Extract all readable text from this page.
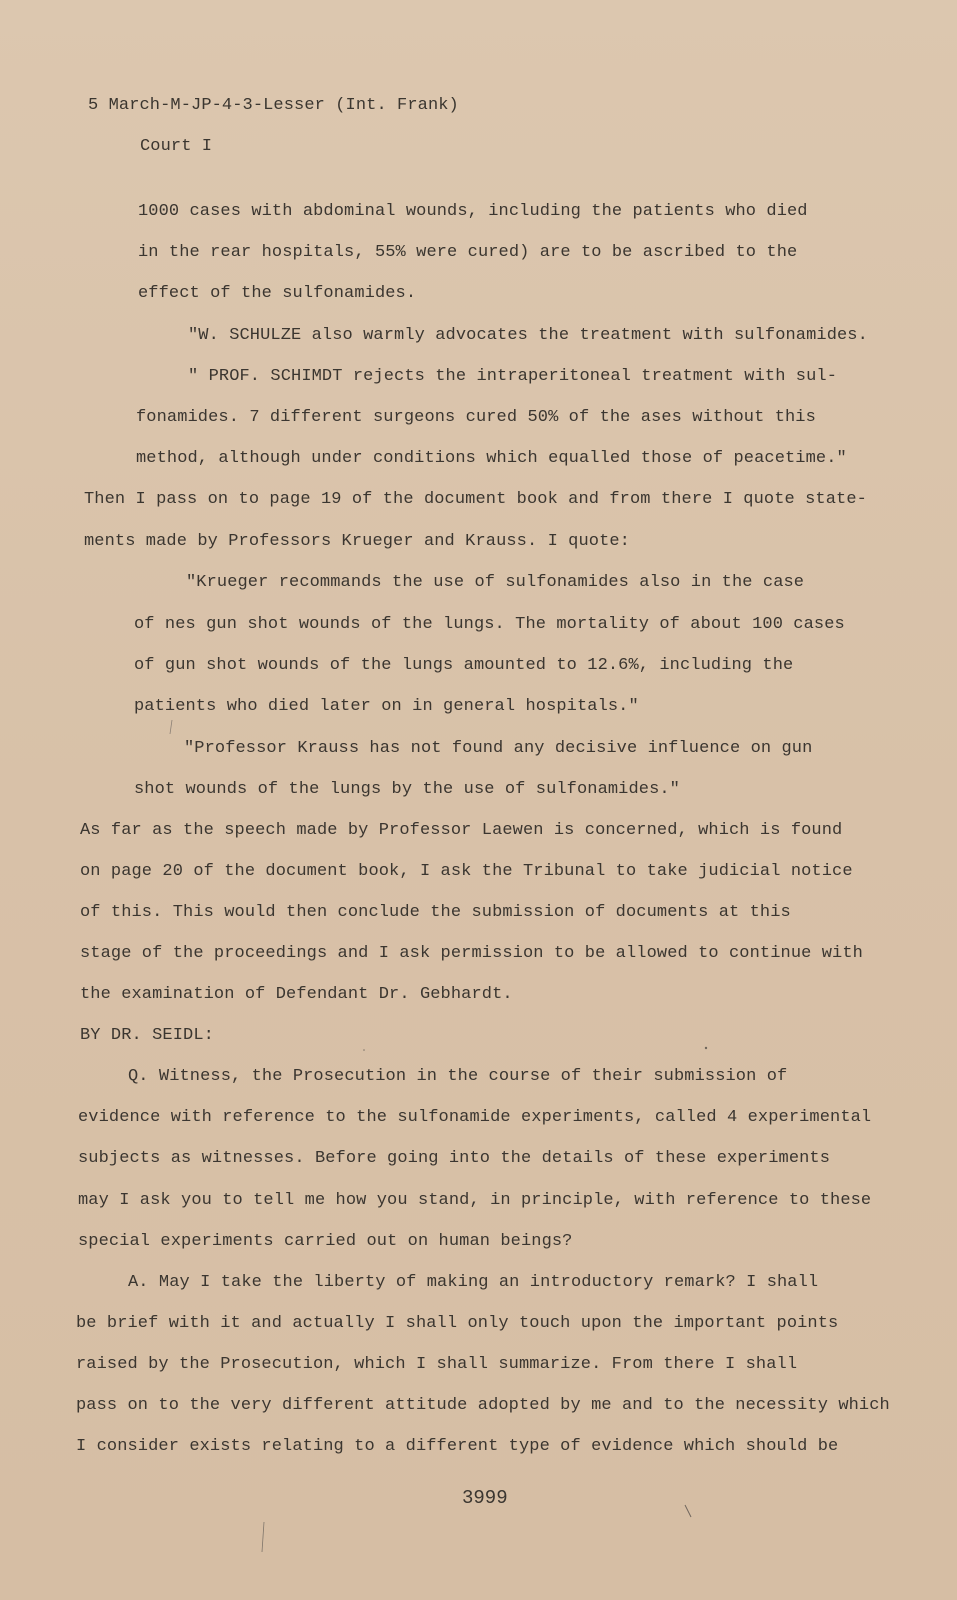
5 March-M-JP-4-3-Lesser (Int. Frank)

Court I

1000 cases with abdominal wounds, including the patients who died

in the rear hospitals, 55% were cured) are to be ascribed to the

effect of the sulfonamides.

"W. SCHULZE also warmly advocates the treatment with sulfonamides.

" PROF. SCHIMDT rejects the intraperitoneal treatment with sul-

fonamides. 7 different surgeons cured 50% of the ases without this

method, although under conditions which equalled those of peacetime."

Then I pass on to page 19 of the document book and from there I quote state-

ments made by Professors Krueger and Krauss. I quote:

"Krueger recommands the use of sulfonamides also in the case

of nes gun shot wounds of the lungs. The mortality of about 100 cases

of gun shot wounds of the lungs amounted to 12.6%, including the

patients who died later on in general hospitals."

"Professor Krauss has not found any decisive influence on gun

shot wounds of the lungs by the use of sulfonamides."

As far as the speech made by Professor Laewen is concerned, which is found

on page 20 of the document book, I ask the Tribunal to take judicial notice

of this. This would then conclude the submission of documents at this

stage of the proceedings and I ask permission to be allowed to continue with

the examination of Defendant Dr. Gebhardt.

BY DR. SEIDL:

Q. Witness, the Prosecution in the course of their submission of

evidence with reference to the sulfonamide experiments, called 4 experimental

subjects as witnesses. Before going into the details of these experiments

may I ask you to tell me how you stand, in principle, with reference to these

special experiments carried out on human beings?

A. May I take the liberty of making an introductory remark? I shall

be brief with it and actually I shall only touch upon the important points

raised by the Prosecution, which I shall summarize. From there I shall

pass on to the very different attitude adopted by me and to the necessity which

I consider exists relating to a different type of evidence which should be

3999
